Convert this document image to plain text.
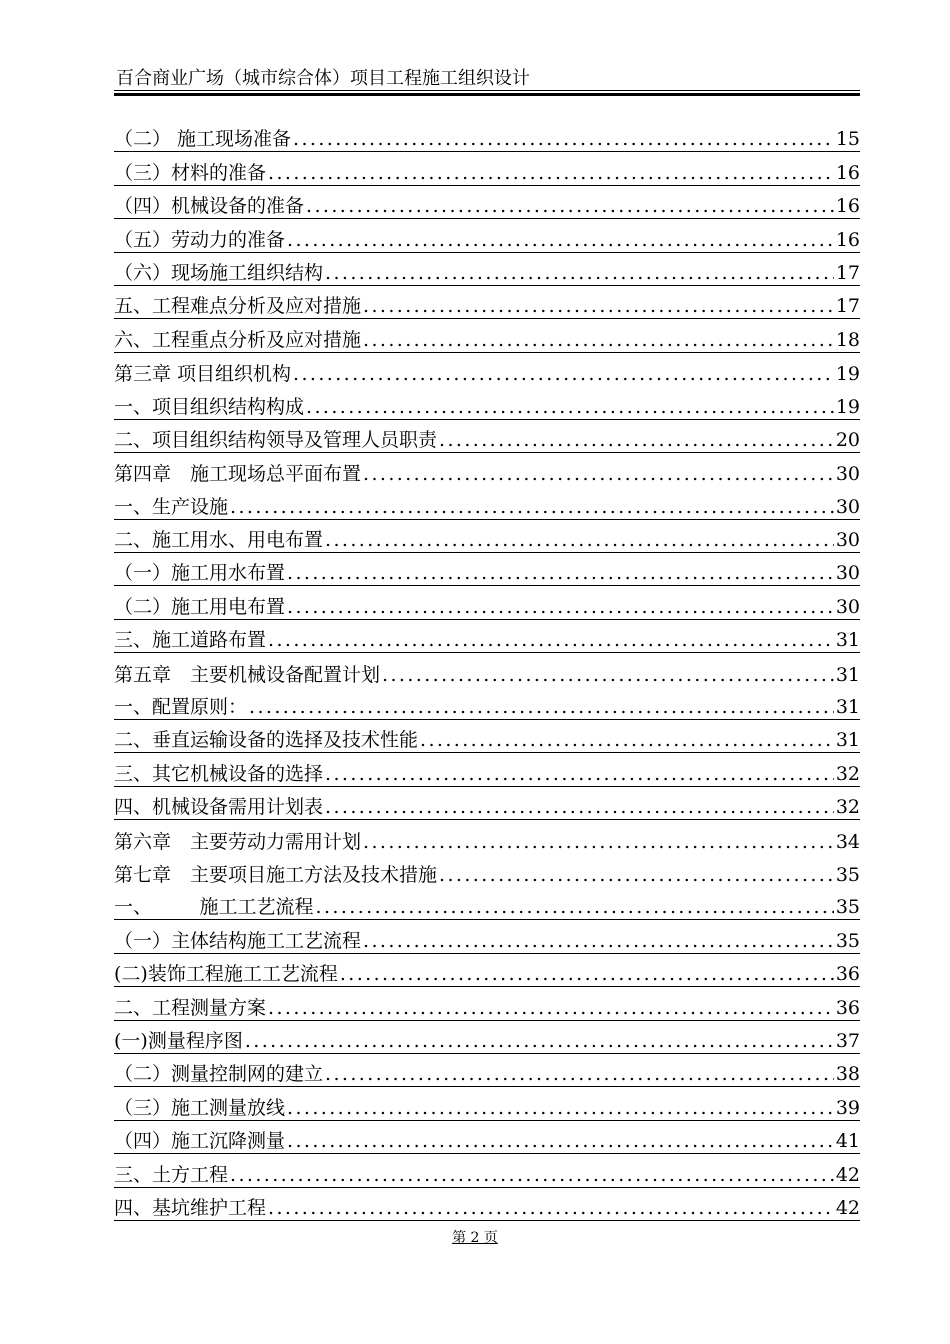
百合商业广场（城市综合体）项目工程施工组织设计
（二） 施工现场准备 .....	15
（三）材料的准备 .....	16
（四）机械设备的准备 .....	16
（五）劳动力的准备 .....	16
（六）现场施工组织结构 .....	17
五、工程难点分析及应对措施 .....	17
六、工程重点分析及应对措施 .....	18
第三章 项目组织机构 .....	19
一、项目组织结构构成 .....	19
二、项目组织结构领导及管理人员职责 .....	20
第四章　施工现场总平面布置 .....	30
一、生产设施 .....	30
二、施工用水、用电布置 .....	30
（一）施工用水布置 .....	30
（二）施工用电布置 .....	30
三、施工道路布置 .....	31
第五章　主要机械设备配置计划 .....	31
一、配置原则： .....	31
二、垂直运输设备的选择及技术性能 .....	31
三、其它机械设备的选择 .....	32
四、机械设备需用计划表 .....	32
第六章　主要劳动力需用计划 .....	34
第七章　主要项目施工方法及技术措施 .....	35
一、　　　施工工艺流程 .....	35
（一）主体结构施工工艺流程 .....	35
(二)装饰工程施工工艺流程 .....	36
二、工程测量方案 .....	36
(一)测量程序图 .....	37
（二）测量控制网的建立 .....	38
（三）施工测量放线 .....	39
（四）施工沉降测量 .....	41
三、土方工程 .....	42
四、基坑维护工程 .....	42
第 2 页
